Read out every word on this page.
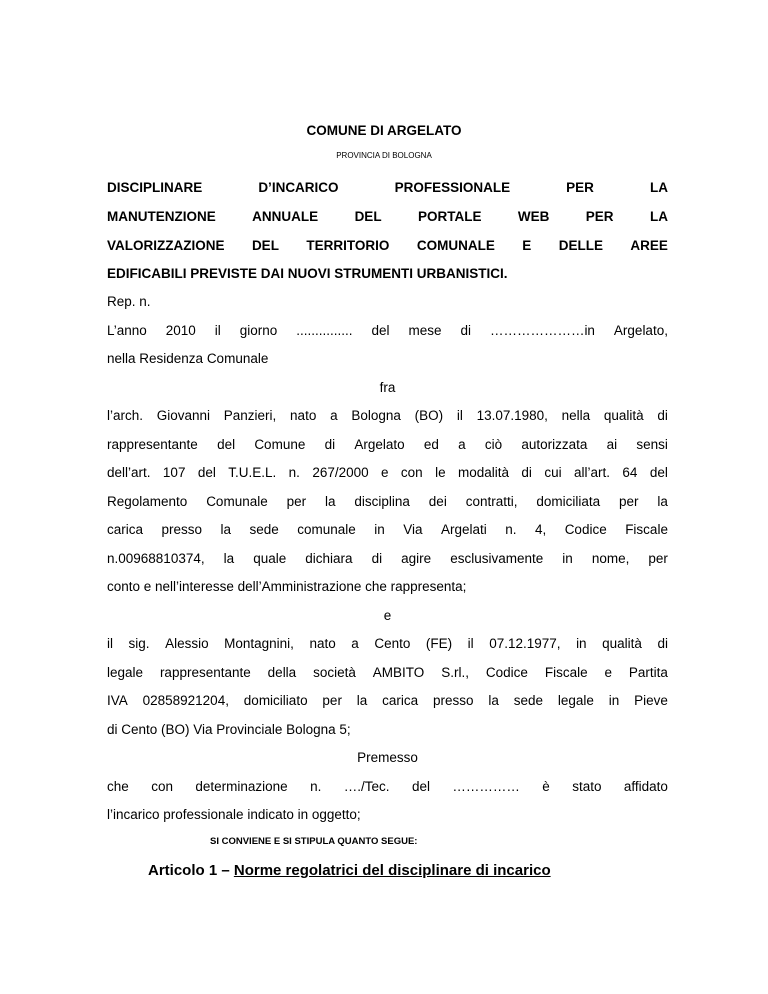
COMUNE DI ARGELATO
PROVINCIA DI BOLOGNA
DISCIPLINARE	D’INCARICO	PROFESSIONALE	PER	LA
MANUTENZIONE	ANNUALE	DEL	PORTALE	WEB	PER	LA
VALORIZZAZIONE DEL TERRITORIO COMUNALE E DELLE AREE
EDIFICABILI PREVISTE DAI NUOVI STRUMENTI URBANISTICI.
Rep. n.
L’anno 2010 il giorno ............... del mese di …………………in Argelato,
nella Residenza Comunale
fra
l’arch. Giovanni Panzieri, nato a Bologna (BO) il 13.07.1980, nella qualità di
rappresentante del Comune di Argelato ed a ciò autorizzata ai sensi
dell’art. 107 del T.U.E.L. n. 267/2000 e con le modalità di cui all’art. 64 del
Regolamento Comunale per la disciplina dei contratti, domiciliata per la
carica presso la sede comunale in Via Argelati n. 4, Codice Fiscale
n.00968810374, la quale dichiara di agire esclusivamente in nome, per
conto e nell’interesse dell’Amministrazione che rappresenta;
e
il sig. Alessio Montagnini, nato a Cento (FE) il 07.12.1977, in qualità di
legale rappresentante della società AMBITO S.rl., Codice Fiscale e Partita
IVA 02858921204, domiciliato per la carica presso la sede legale in Pieve
di Cento (BO) Via Provinciale Bologna 5;
Premesso
che con determinazione n. …./Tec. del …………… è stato affidato
l’incarico professionale indicato in oggetto;
SI CONVIENE E SI STIPULA QUANTO SEGUE:
Articolo 1 – Norme regolatrici del disciplinare di incarico
